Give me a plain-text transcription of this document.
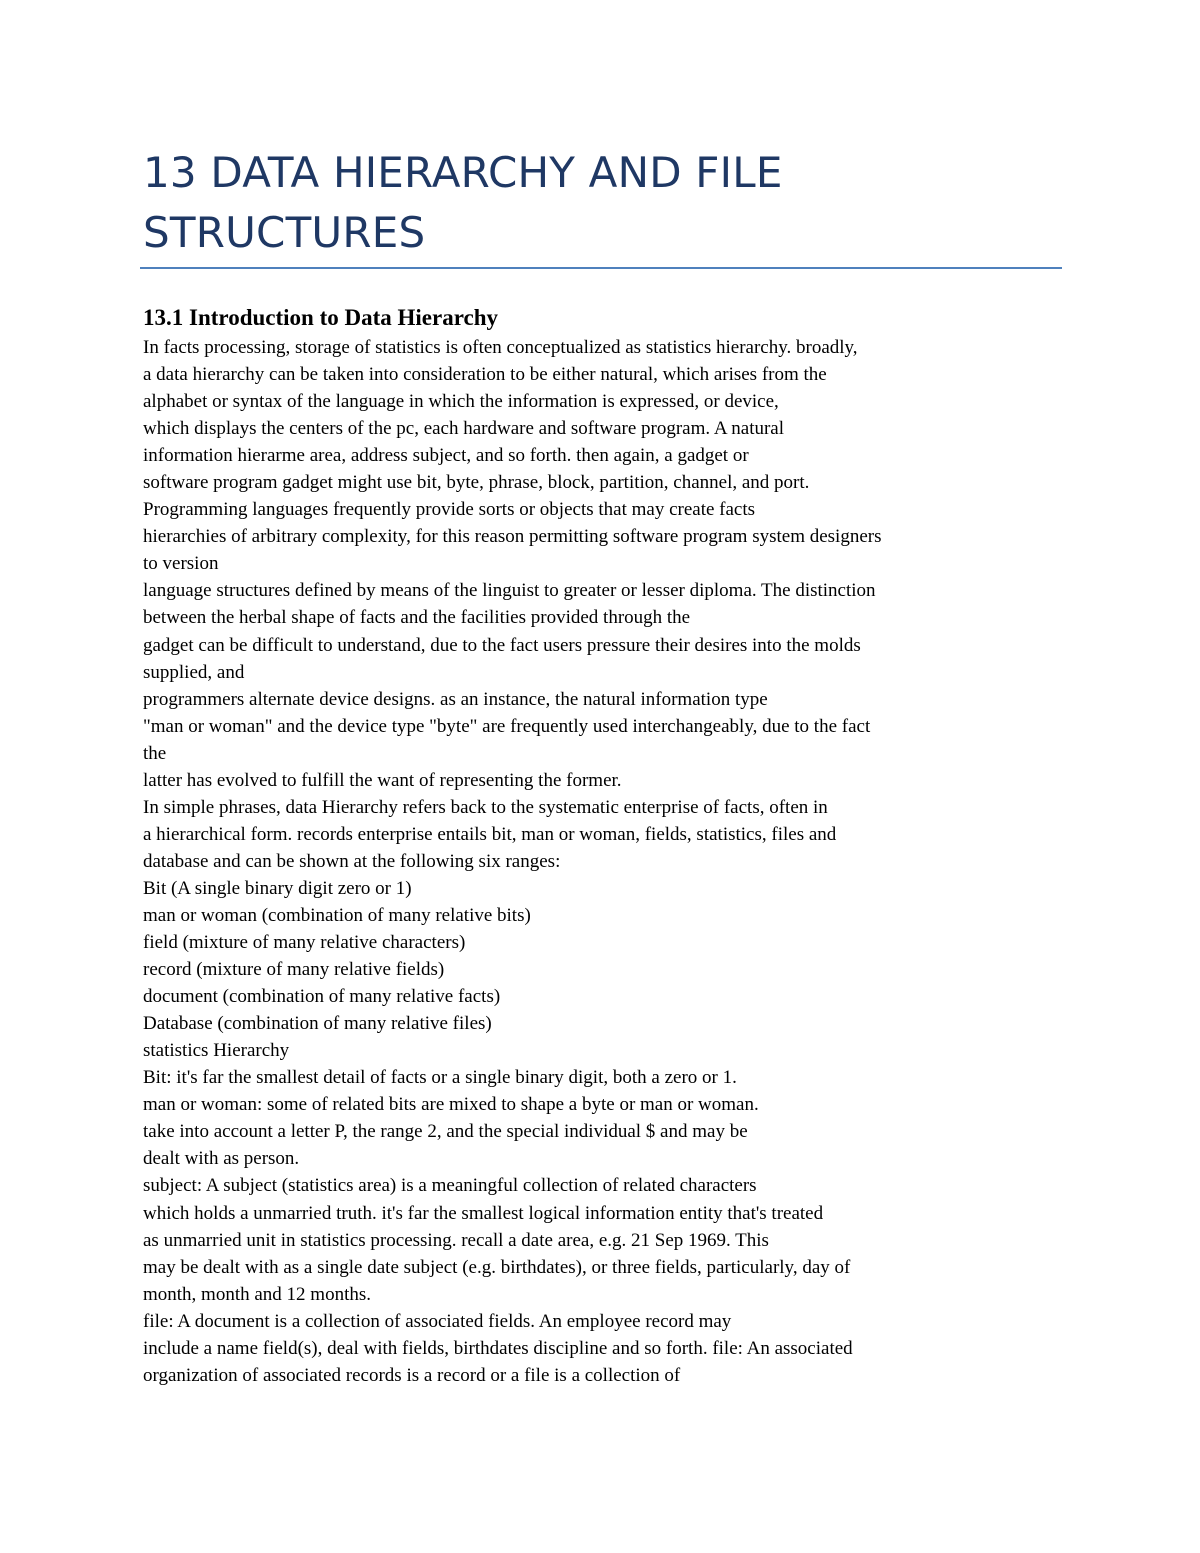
13 DATA HIERARCHY AND FILE
STRUCTURES
13.1 Introduction to Data Hierarchy
In facts processing, storage of statistics is often conceptualized as statistics hierarchy. broadly,
a data hierarchy can be taken into consideration to be either natural, which arises from the
alphabet or syntax of the language in which the information is expressed, or device,
which displays the centers of the pc, each hardware and software program. A natural
information hierarme area, address subject, and so forth. then again, a gadget or
software program gadget might use bit, byte, phrase, block, partition, channel, and port.
Programming languages frequently provide sorts or objects that may create facts
hierarchies of arbitrary complexity, for this reason permitting software program system designers
to version
language structures defined by means of the linguist to greater or lesser diploma. The distinction
between the herbal shape of facts and the facilities provided through the
gadget can be difficult to understand, due to the fact users pressure their desires into the molds
supplied, and
programmers alternate device designs. as an instance, the natural information type
"man or woman" and the device type "byte" are frequently used interchangeably, due to the fact
the
latter has evolved to fulfill the want of representing the former.
In simple phrases, data Hierarchy refers back to the systematic enterprise of facts, often in
a hierarchical form. records enterprise entails bit, man or woman, fields, statistics, files and
database and can be shown at the following six ranges:
Bit (A single binary digit zero or 1)
man or woman (combination of many relative bits)
field (mixture of many relative characters)
record (mixture of many relative fields)
document (combination of many relative facts)
Database (combination of many relative files)
statistics Hierarchy
Bit: it's far the smallest detail of facts or a single binary digit, both a zero or 1.
man or woman: some of related bits are mixed to shape a byte or man or woman.
take into account a letter P, the range 2, and the special individual $ and may be
dealt with as person.
subject: A subject (statistics area) is a meaningful collection of related characters
which holds a unmarried truth. it's far the smallest logical information entity that's treated
as unmarried unit in statistics processing. recall a date area, e.g. 21 Sep 1969. This
may be dealt with as a single date subject (e.g. birthdates), or three fields, particularly, day of
month, month and 12 months.
file: A document is a collection of associated fields. An employee record may
include a name field(s), deal with fields, birthdates discipline and so forth. file: An associated
organization of associated records is a record or a file is a collection of
